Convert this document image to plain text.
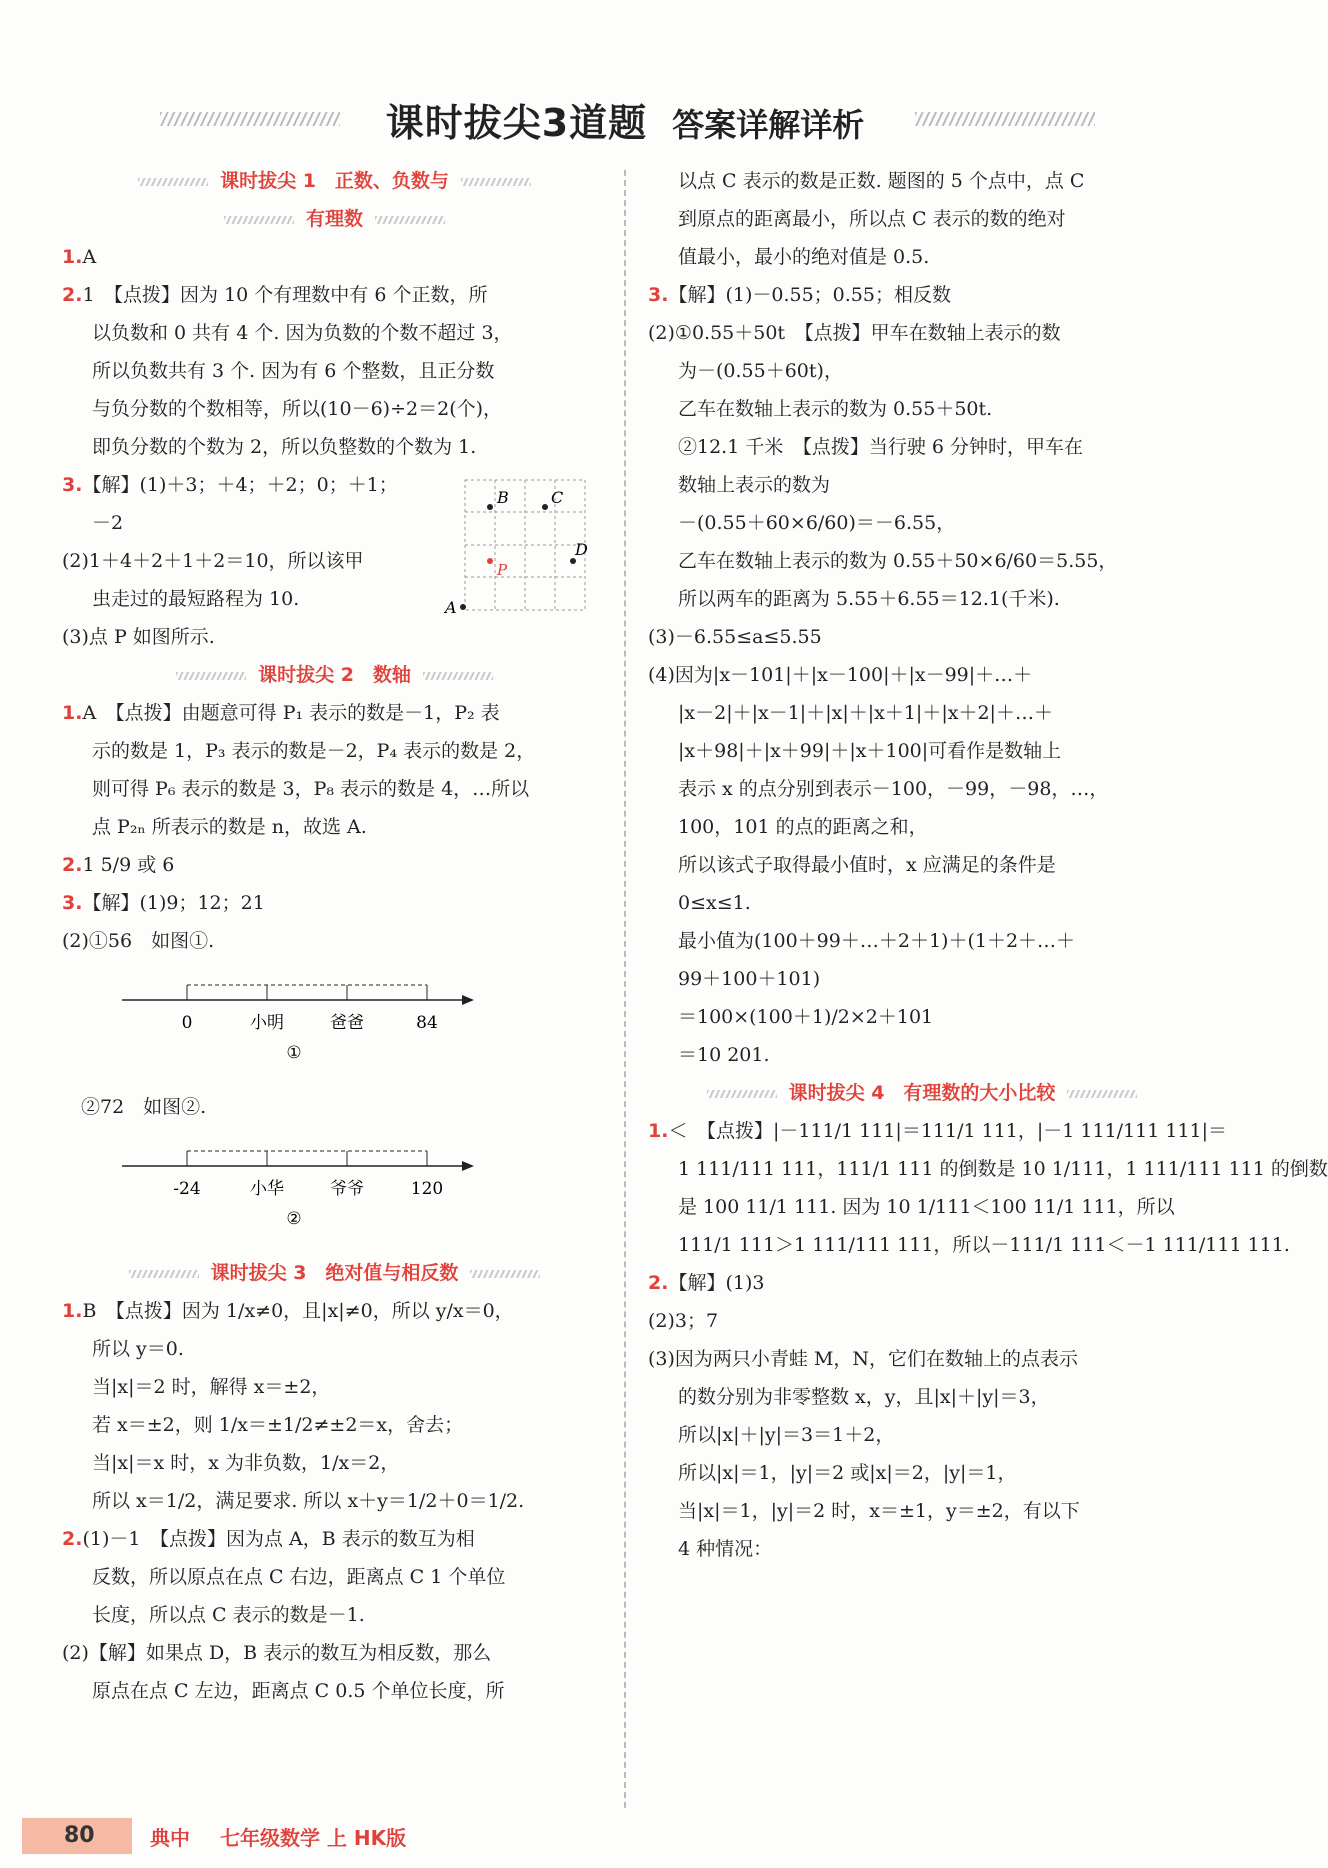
课时拔尖3道题 答案详解详析
课时拔尖 1　正数、负数与
有理数
1.A
2.1　【点拨】因为 10 个有理数中有 6 个正数，所
以负数和 0 共有 4 个. 因为负数的个数不超过 3，
所以负数共有 3 个. 因为有 6 个整数，且正分数
与负分数的个数相等，所以(10－6)÷2＝2(个)，
即负分数的个数为 2，所以负整数的个数为 1.
3.【解】(1)＋3；＋4；＋2；0；＋1；
－2
(2)1＋4＋2＋1＋2＝10，所以该甲
虫走过的最短路程为 10.
(3)点 P 如图所示.
课时拔尖 2　数轴
1.A　【点拨】由题意可得 P₁ 表示的数是－1，P₂ 表
示的数是 1，P₃ 表示的数是－2，P₄ 表示的数是 2，
则可得 P₆ 表示的数是 3，P₈ 表示的数是 4，…所以
点 P₂ₙ 所表示的数是 n，故选 A.
2.1 5/9 或 6
3.【解】(1)9；12；21
(2)①56　如图①.
0	小明	爸爸	84
①
　②72　如图②.
-24	小华	爷爷	120
②
课时拔尖 3　绝对值与相反数
1.B　【点拨】因为 1/x≠0，且|x|≠0，所以 y/x＝0，
所以 y＝0.
当|x|＝2 时，解得 x＝±2，
若 x＝±2，则 1/x＝±1/2≠±2＝x，舍去；
当|x|＝x 时，x 为非负数，1/x＝2，
所以 x＝1/2，满足要求. 所以 x＋y＝1/2＋0＝1/2.
2.(1)－1　【点拨】因为点 A，B 表示的数互为相
反数，所以原点在点 C 右边，距离点 C 1 个单位
长度，所以点 C 表示的数是－1.
(2)【解】如果点 D，B 表示的数互为相反数，那么
原点在点 C 左边，距离点 C 0.5 个单位长度，所
以点 C 表示的数是正数. 题图的 5 个点中，点 C
到原点的距离最小，所以点 C 表示的数的绝对
值最小，最小的绝对值是 0.5.
3.【解】(1)－0.55；0.55；相反数
(2)①0.55＋50t　【点拨】甲车在数轴上表示的数
为－(0.55＋60t)，
乙车在数轴上表示的数为 0.55＋50t.
②12.1 千米　【点拨】当行驶 6 分钟时，甲车在
数轴上表示的数为
－(0.55＋60×6/60)＝－6.55，
乙车在数轴上表示的数为 0.55＋50×6/60＝5.55，
所以两车的距离为 5.55＋6.55＝12.1(千米).
(3)－6.55≤a≤5.55
(4)因为|x－101|＋|x－100|＋|x－99|＋…＋
|x－2|＋|x－1|＋|x|＋|x＋1|＋|x＋2|＋…＋
|x＋98|＋|x＋99|＋|x＋100|可看作是数轴上
表示 x 的点分别到表示－100，－99，－98，…，
100，101 的点的距离之和，
所以该式子取得最小值时，x 应满足的条件是
0≤x≤1.
最小值为(100＋99＋…＋2＋1)＋(1＋2＋…＋
99＋100＋101)
＝100×(100＋1)/2×2＋101
＝10 201.
课时拔尖 4　有理数的大小比较
1.＜　【点拨】|－111/1 111|＝111/1 111，|－1 111/111 111|＝
1 111/111 111，111/1 111 的倒数是 10 1/111，1 111/111 111 的倒数
是 100 11/1 111. 因为 10 1/111＜100 11/1 111，所以
111/1 111＞1 111/111 111，所以－111/1 111＜－1 111/111 111.
2.【解】(1)3
(2)3；7
(3)因为两只小青蛙 M，N，它们在数轴上的点表示
的数分别为非零整数 x，y，且|x|＋|y|＝3，
所以|x|＋|y|＝3＝1＋2，
所以|x|＝1，|y|＝2 或|x|＝2，|y|＝1，
当|x|＝1，|y|＝2 时，x＝±1，y＝±2，有以下
4 种情况：
B	C
D
P
A
80	典中 七年级数学 上 HK版
